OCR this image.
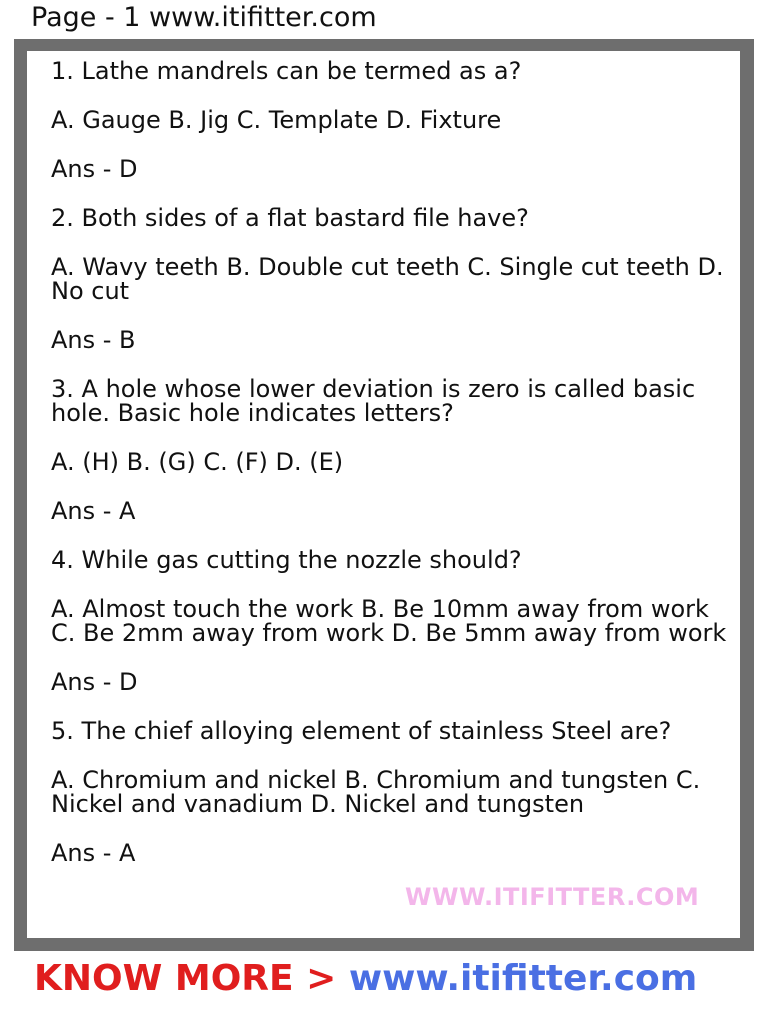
Page - 1 www.itifitter.com

1. Lathe mandrels can be termed as a?

A. Gauge B. Jig C. Template D. Fixture

Ans - D

2. Both sides of a flat bastard file have?

A. Wavy teeth B. Double cut teeth C. Single cut teeth D. No cut

Ans - B

3. A hole whose lower deviation is zero is called basic hole. Basic hole indicates letters?

A. (H) B. (G) C. (F) D. (E)

Ans - A

4. While gas cutting the nozzle should?

A. Almost touch the work B. Be 10mm away from work C. Be 2mm away from work D. Be 5mm away from work

Ans - D

5. The chief alloying element of stainless Steel are?

A. Chromium and nickel B. Chromium and tungsten C. Nickel and vanadium D. Nickel and tungsten

Ans - A

WWW.ITIFITTER.COM
KNOW MORE > www.itifitter.com
